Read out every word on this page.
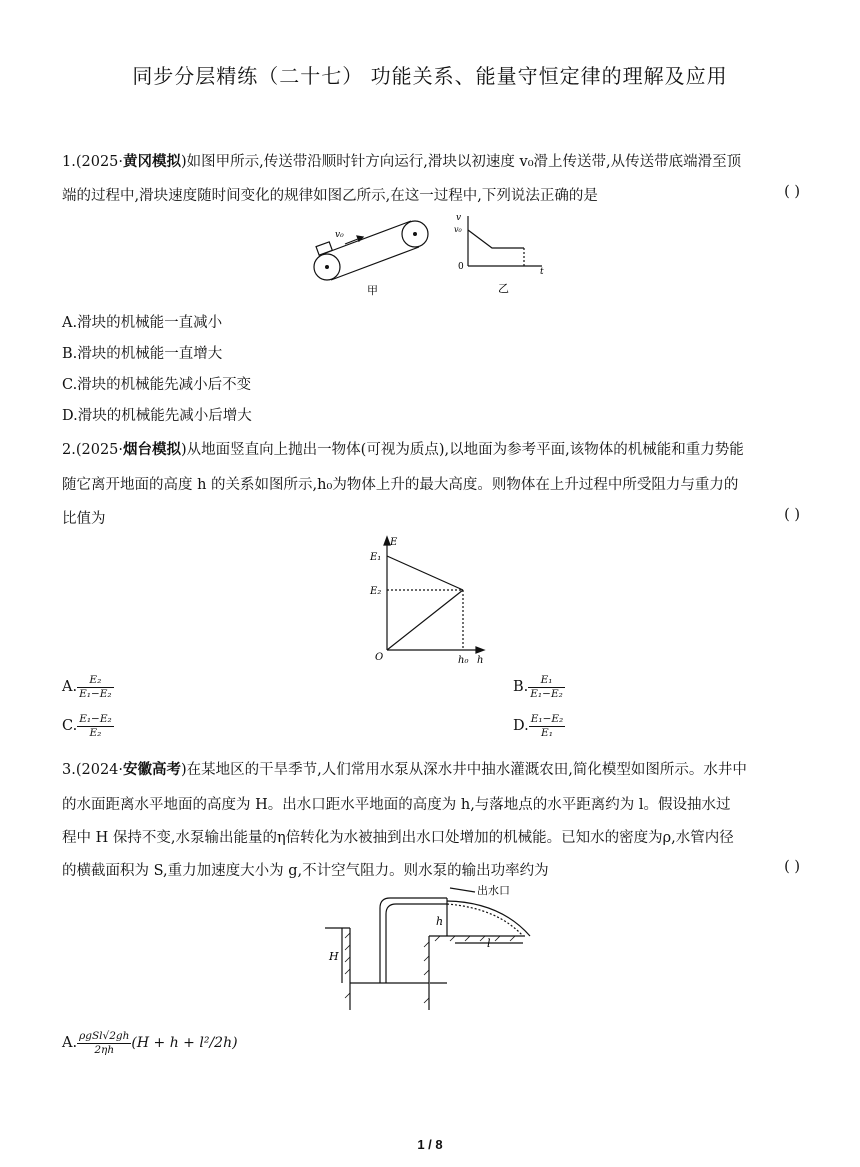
同步分层精练（二十七） 功能关系、能量守恒定律的理解及应用
1.(2025·黄冈模拟)如图甲所示,传送带沿顺时针方向运行,滑块以初速度 v₀滑上传送带,从传送带底端滑至顶
端的过程中,滑块速度随时间变化的规律如图乙所示,在这一过程中,下列说法正确的是	( )
v₀
甲
v
v₀
0	t
乙
A.滑块的机械能一直减小
B.滑块的机械能一直增大
C.滑块的机械能先减小后不变
D.滑块的机械能先减小后增大
2.(2025·烟台模拟)从地面竖直向上抛出一物体(可视为质点),以地面为参考平面,该物体的机械能和重力势能
随它离开地面的高度 h 的关系如图所示,h₀为物体上升的最大高度。则物体在上升过程中所受阻力与重力的
比值为	( )
E
E₁
E₂
O	h₀ h
A. $\frac{\text{E₂}}{\text{E₁−E₂}}$	B. $\frac{\text{E₁}}{\text{E₁−E₂}}$
C. $\frac{\text{E₁−E₂}}{\text{E₂}}$	D. $\frac{\text{E₁−E₂}}{\text{E₁}}$
3.(2024·安徽高考)在某地区的干旱季节,人们常用水泵从深水井中抽水灌溉农田,简化模型如图所示。水井中
的水面距离水平地面的高度为 H。出水口距水平地面的高度为 h,与落地点的水平距离约为 l。假设抽水过
程中 H 保持不变,水泵输出能量的η倍转化为水被抽到出水口处增加的机械能。已知水的密度为ρ,水管内径
的横截面积为 S,重力加速度大小为 g,不计空气阻力。则水泵的输出功率约为	( )
出水口
H
h
l
A. $\frac{\text{ρgSl√2gh}}{2\eta h} (H + h + l^2/2h)$
1 / 8
